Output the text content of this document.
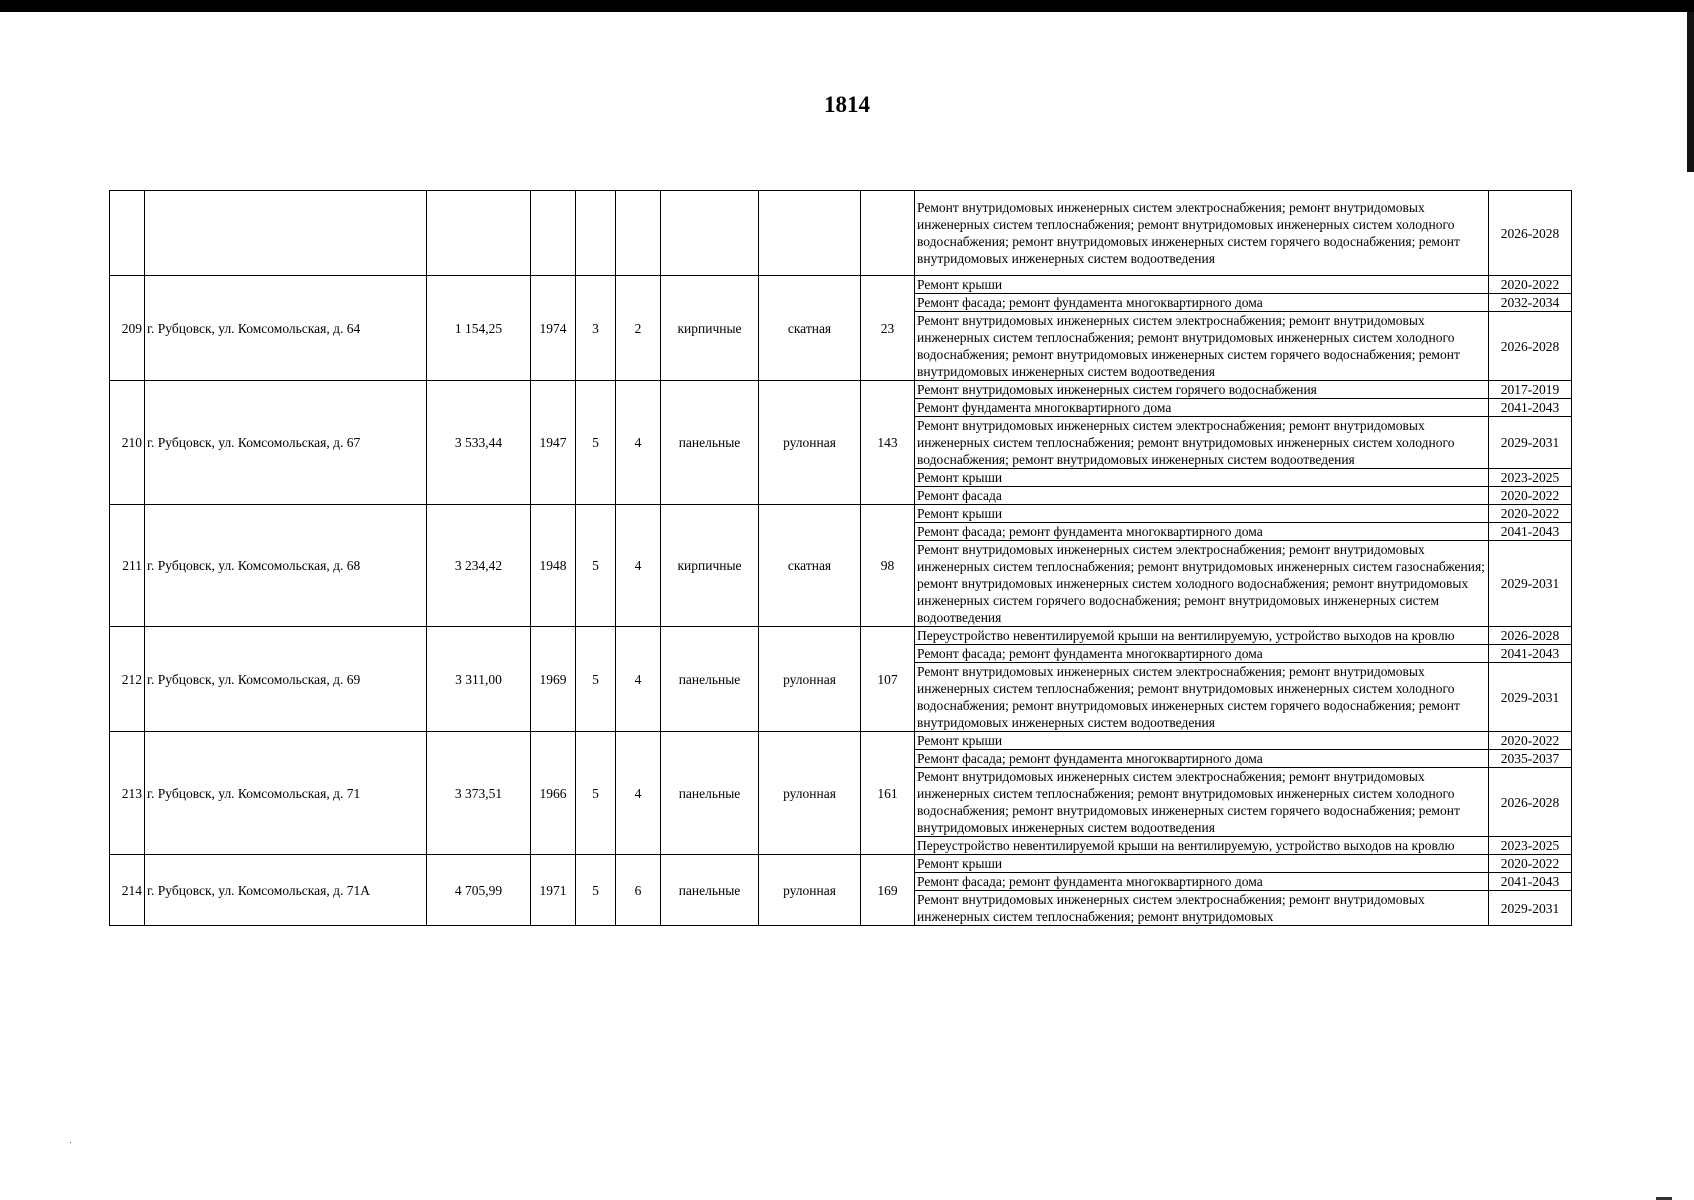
1814
									Ремонт внутридомовых инженерных систем электроснабжения; ремонт внутридомовых инженерных систем теплоснабжения; ремонт внутридомовых инженерных систем холодного водоснабжения; ремонт внутридомовых инженерных систем горячего водоснабжения; ремонт внутридомовых инженерных систем водоотведения	2026-2028
209	г. Рубцовск, ул. Комсомольская, д. 64	1 154,25	1974	3	2	кирпичные	скатная	23	Ремонт крыши	2020-2022
									Ремонт фасада; ремонт фундамента многоквартирного дома	2032-2034
									Ремонт внутридомовых инженерных систем электроснабжения; ремонт внутридомовых инженерных систем теплоснабжения; ремонт внутридомовых инженерных систем холодного водоснабжения; ремонт внутридомовых инженерных систем горячего водоснабжения; ремонт внутридомовых инженерных систем водоотведения	2026-2028
210	г. Рубцовск, ул. Комсомольская, д. 67	3 533,44	1947	5	4	панельные	рулонная	143	Ремонт внутридомовых инженерных систем горячего водоснабжения	2017-2019
									Ремонт фундамента многоквартирного дома	2041-2043
									Ремонт внутридомовых инженерных систем электроснабжения; ремонт внутридомовых инженерных систем теплоснабжения; ремонт внутридомовых инженерных систем холодного водоснабжения; ремонт внутридомовых инженерных систем водоотведения	2029-2031
									Ремонт крыши	2023-2025
									Ремонт фасада	2020-2022
211	г. Рубцовск, ул. Комсомольская, д. 68	3 234,42	1948	5	4	кирпичные	скатная	98	Ремонт крыши	2020-2022
									Ремонт фасада; ремонт фундамента многоквартирного дома	2041-2043
									Ремонт внутридомовых инженерных систем электроснабжения; ремонт внутридомовых инженерных систем теплоснабжения; ремонт внутридомовых инженерных систем газоснабжения; ремонт внутридомовых инженерных систем холодного водоснабжения; ремонт внутридомовых инженерных систем горячего водоснабжения; ремонт внутридомовых инженерных систем водоотведения	2029-2031
212	г. Рубцовск, ул. Комсомольская, д. 69	3 311,00	1969	5	4	панельные	рулонная	107	Переустройство невентилируемой крыши на вентилируемую, устройство выходов на кровлю	2026-2028
									Ремонт фасада; ремонт фундамента многоквартирного дома	2041-2043
									Ремонт внутридомовых инженерных систем электроснабжения; ремонт внутридомовых инженерных систем теплоснабжения; ремонт внутридомовых инженерных систем холодного водоснабжения; ремонт внутридомовых инженерных систем горячего водоснабжения; ремонт внутридомовых инженерных систем водоотведения	2029-2031
213	г. Рубцовск, ул. Комсомольская, д. 71	3 373,51	1966	5	4	панельные	рулонная	161	Ремонт крыши	2020-2022
									Ремонт фасада; ремонт фундамента многоквартирного дома	2035-2037
									Ремонт внутридомовых инженерных систем электроснабжения; ремонт внутридомовых инженерных систем теплоснабжения; ремонт внутридомовых инженерных систем холодного водоснабжения; ремонт внутридомовых инженерных систем горячего водоснабжения; ремонт внутридомовых инженерных систем водоотведения	2026-2028
									Переустройство невентилируемой крыши на вентилируемую, устройство выходов на кровлю	2023-2025
214	г. Рубцовск, ул. Комсомольская, д. 71А	4 705,99	1971	5	6	панельные	рулонная	169	Ремонт крыши	2020-2022
									Ремонт фасада; ремонт фундамента многоквартирного дома	2041-2043
									Ремонт внутридомовых инженерных систем электроснабжения; ремонт внутридомовых инженерных систем теплоснабжения; ремонт внутридомовых	2029-2031
